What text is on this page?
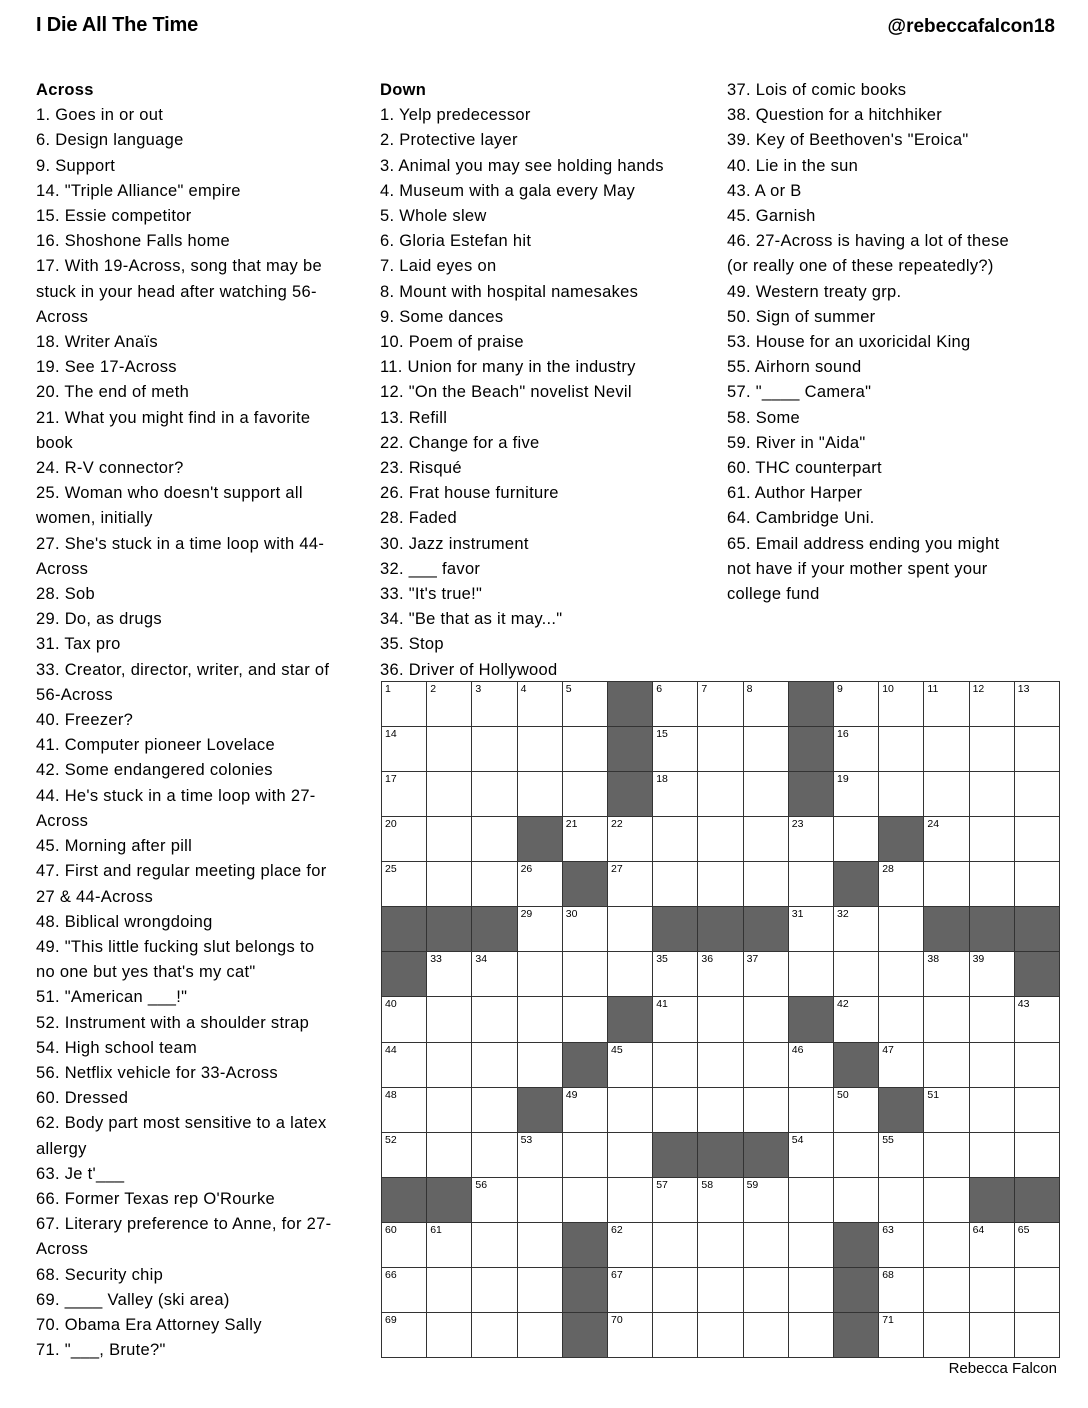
I Die All The Time	@rebeccafalcon18
Across
1. Goes in or out
6. Design language
9. Support
14. "Triple Alliance" empire
15. Essie competitor
16. Shoshone Falls home
17. With 19-Across, song that may be stuck in your head after watching 56-Across
18. Writer Anaïs
19. See 17-Across
20. The end of meth
21. What you might find in a favorite book
24. R-V connector?
25. Woman who doesn't support all women, initially
27. She's stuck in a time loop with 44-Across
28. Sob
29. Do, as drugs
31. Tax pro
33. Creator, director, writer, and star of 56-Across
40. Freezer?
41. Computer pioneer Lovelace
42. Some endangered colonies
44. He's stuck in a time loop with 27-Across
45. Morning after pill
47. First and regular meeting place for 27 & 44-Across
48. Biblical wrongdoing
49. "This little fucking slut belongs to no one but yes that's my cat"
51. "American ___!"
52. Instrument with a shoulder strap
54. High school team
56. Netflix vehicle for 33-Across
60. Dressed
62. Body part most sensitive to a latex allergy
63. Je t'___
66. Former Texas rep O'Rourke
67. Literary preference to Anne, for 27-Across
68. Security chip
69. ____ Valley (ski area)
70. Obama Era Attorney Sally
71. "___, Brute?"
Down
1. Yelp predecessor
2. Protective layer
3. Animal you may see holding hands
4. Museum with a gala every May
5. Whole slew
6. Gloria Estefan hit
7. Laid eyes on
8. Mount with hospital namesakes
9. Some dances
10. Poem of praise
11. Union for many in the industry
12. "On the Beach" novelist Nevil
13. Refill
22. Change for a five
23. Risqué
26. Frat house furniture
28. Faded
30. Jazz instrument
32. ___ favor
33. "It's true!"
34. "Be that as it may..."
35. Stop
36. Driver of Hollywood
37. Lois of comic books
38. Question for a hitchhiker
39. Key of Beethoven's "Eroica"
40. Lie in the sun
43. A or B
45. Garnish
46. 27-Across is having a lot of these (or really one of these repeatedly?)
49. Western treaty grp.
50. Sign of summer
53. House for an uxoricidal King
55. Airhorn sound
57. "____ Camera"
58. Some
59. River in "Aida"
60. THC counterpart
61. Author Harper
64. Cambridge Uni.
65. Email address ending you might not have if your mother spent your college fund
1	2	3	4	5	6	7	8	9	10	11	12	13
14	15	16
17	18	19
20	21	22	23	24
25	26	27	28
29	30	31	32
33	34	35	36	37	38	39
40	41	42	43
44	45	46	47
48	49	50	51
52	53	54	55
56	57	58	59
60	61	62	63	64	65
66	67	68
69	70	71
Rebecca Falcon
